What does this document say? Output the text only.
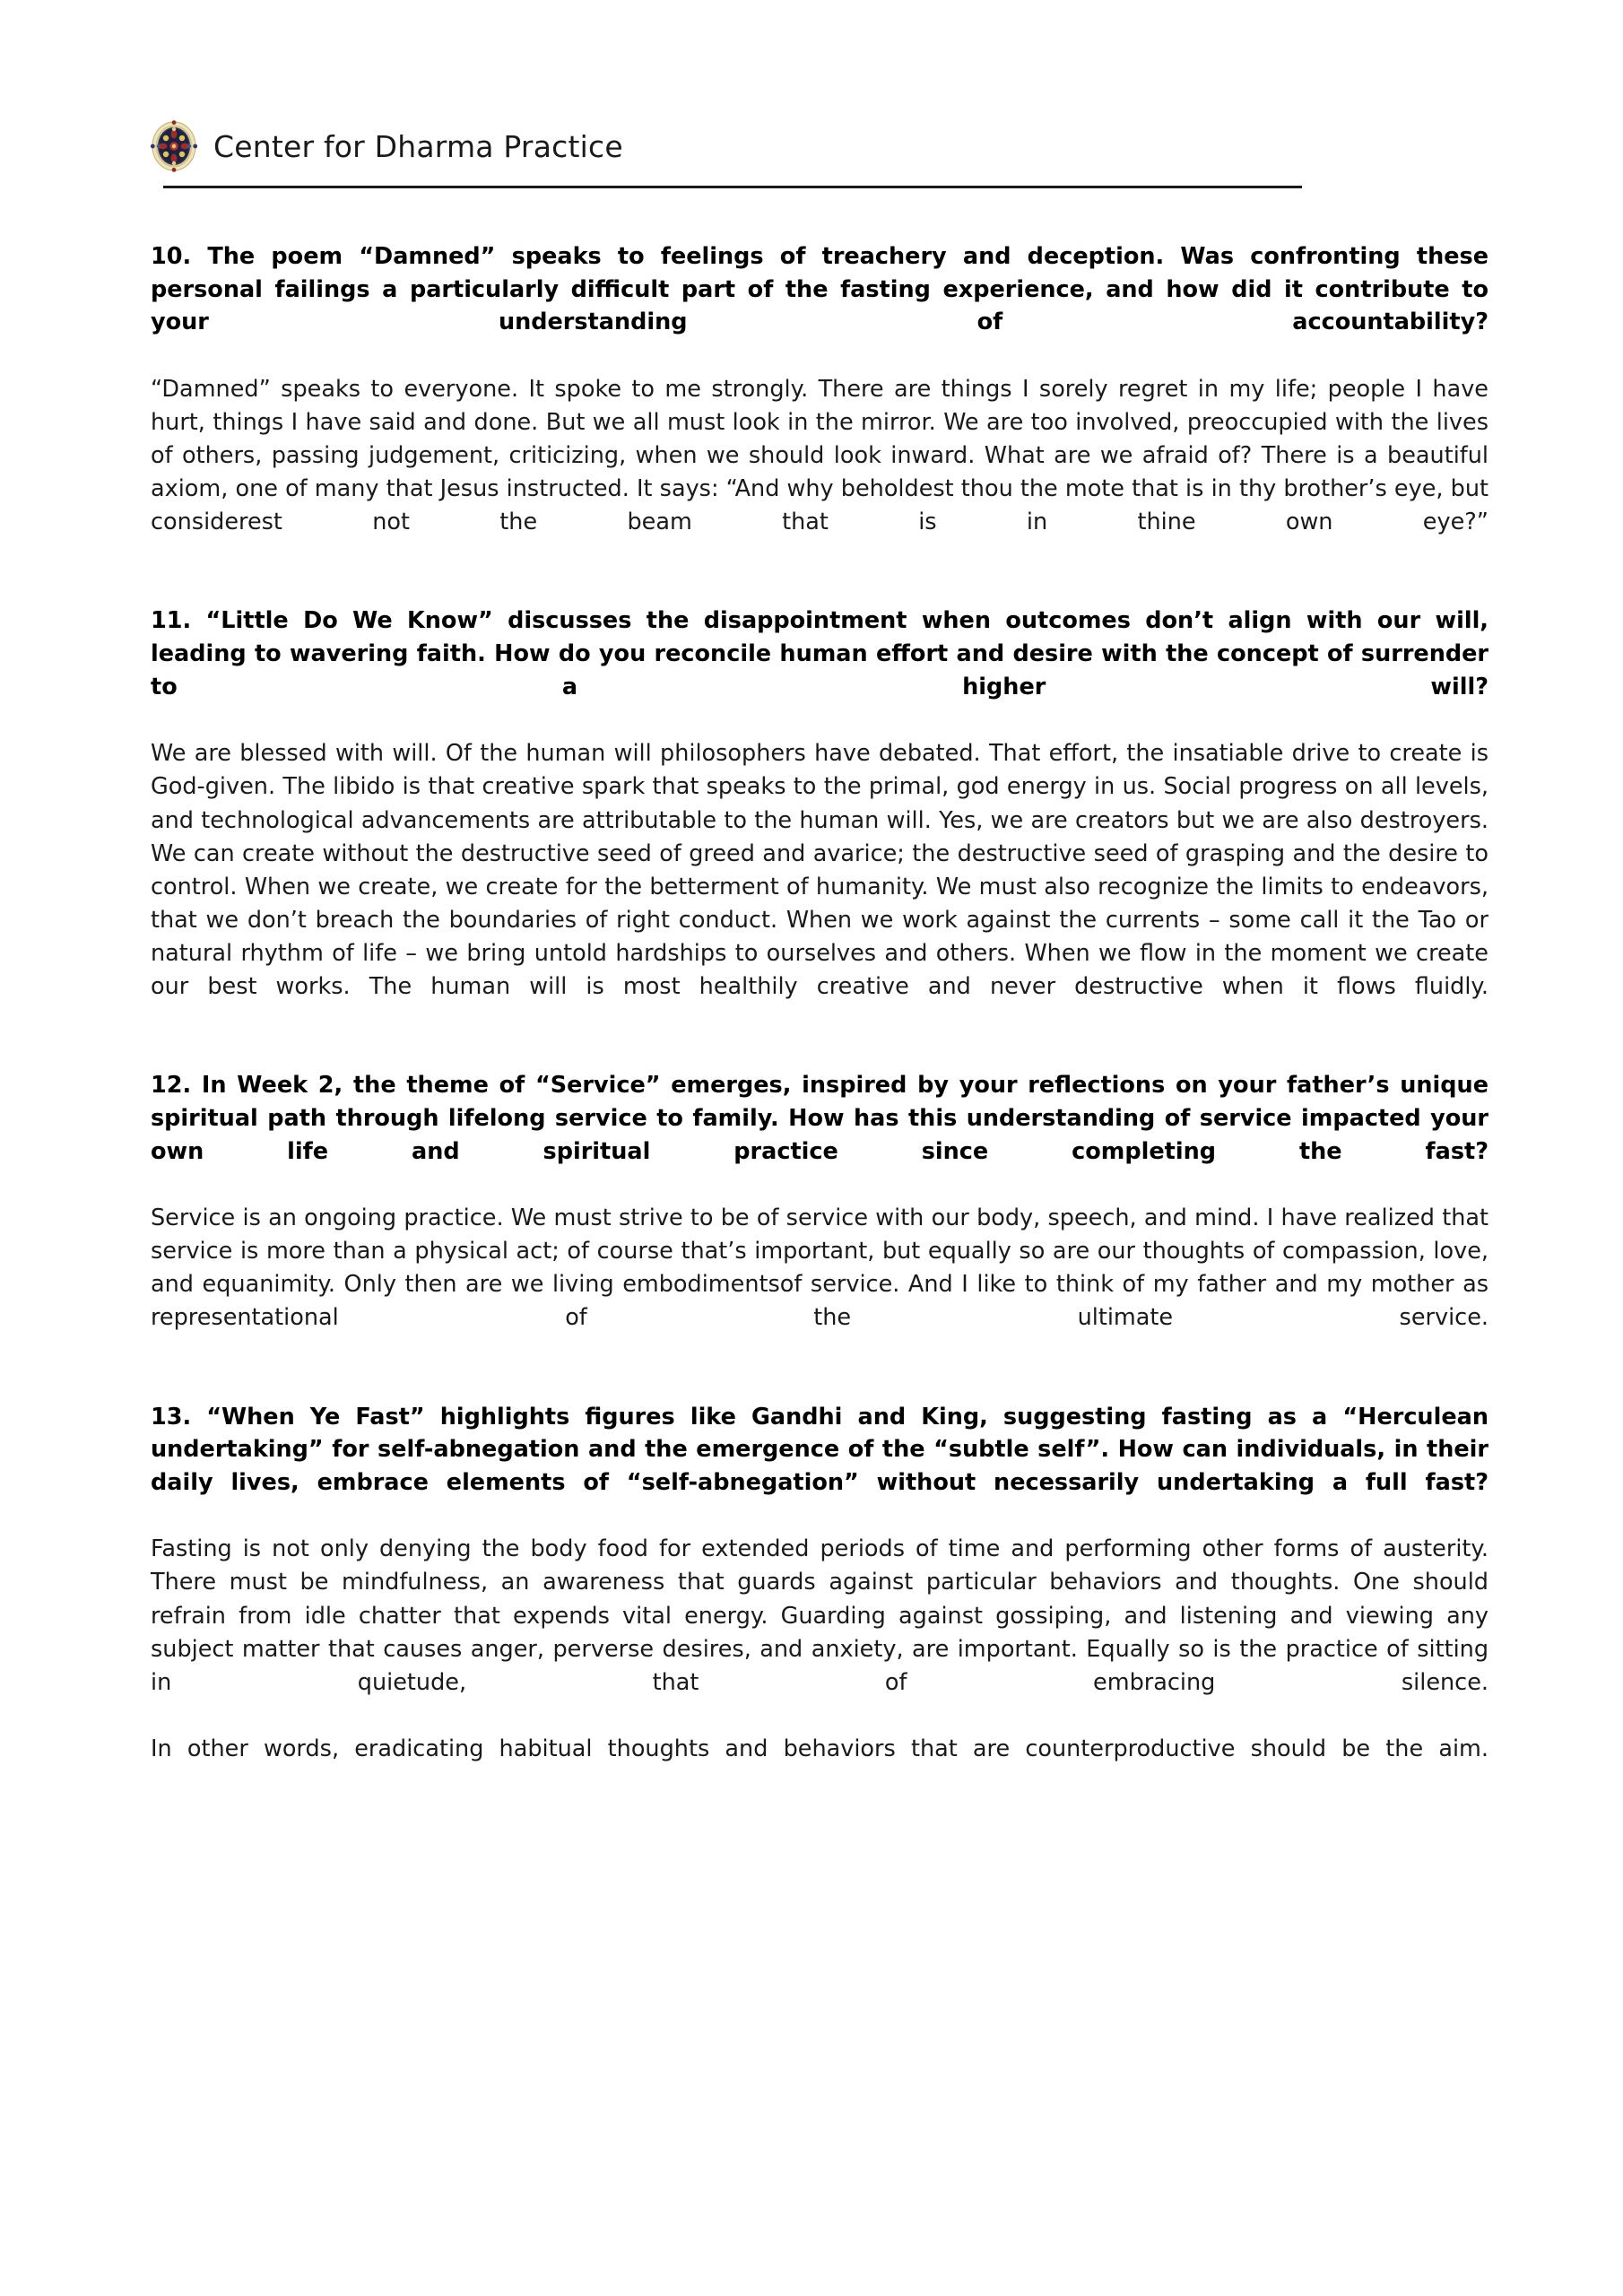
Center for Dharma Practice

10. The poem “Damned” speaks to feelings of treachery and deception. Was confronting these personal failings a particularly difficult part of the fasting experience, and how did it contribute to your understanding of accountability?

“Damned” speaks to everyone. It spoke to me strongly. There are things I sorely regret in my life; people I have hurt, things I have said and done. But we all must look in the mirror. We are too involved, preoccupied with the lives of others, passing judgement, criticizing, when we should look inward. What are we afraid of? There is a beautiful axiom, one of many that Jesus instructed. It says: “And why beholdest thou the mote that is in thy brother’s eye, but considerest not the beam that is in thine own eye?”

11. “Little Do We Know” discusses the disappointment when outcomes don’t align with our will, leading to wavering faith. How do you reconcile human effort and desire with the concept of surrender to a higher will?

We are blessed with will. Of the human will philosophers have debated. That effort, the insatiable drive to create is God-given. The libido is that creative spark that speaks to the primal, god energy in us. Social progress on all levels, and technological advancements are attributable to the human will. Yes, we are creators but we are also destroyers. We can create without the destructive seed of greed and avarice; the destructive seed of grasping and the desire to control. When we create, we create for the betterment of humanity. We must also recognize the limits to endeavors, that we don’t breach the boundaries of right conduct. When we work against the currents – some call it the Tao or natural rhythm of life – we bring untold hardships to ourselves and others. When we flow in the moment we create our best works. The human will is most healthily creative and never destructive when it flows fluidly.

12. In Week 2, the theme of “Service” emerges, inspired by your reflections on your father’s unique spiritual path through lifelong service to family. How has this understanding of service impacted your own life and spiritual practice since completing the fast?

Service is an ongoing practice. We must strive to be of service with our body, speech, and mind. I have realized that service is more than a physical act; of course that’s important, but equally so are our thoughts of compassion, love, and equanimity. Only then are we living embodimentsof service. And I like to think of my father and my mother as representational of the ultimate service.

13. “When Ye Fast” highlights figures like Gandhi and King, suggesting fasting as a “Herculean undertaking” for self-abnegation and the emergence of the “subtle self”. How can individuals, in their daily lives, embrace elements of “self-abnegation” without necessarily undertaking a full fast?

Fasting is not only denying the body food for extended periods of time and performing other forms of austerity. There must be mindfulness, an awareness that guards against particular behaviors and thoughts. One should refrain from idle chatter that expends vital energy. Guarding against gossiping, and listening and viewing any subject matter that causes anger, perverse desires, and anxiety, are important. Equally so is the practice of sitting in quietude, that of embracing silence.

In other words, eradicating habitual thoughts and behaviors that are counterproductive should be the aim.
